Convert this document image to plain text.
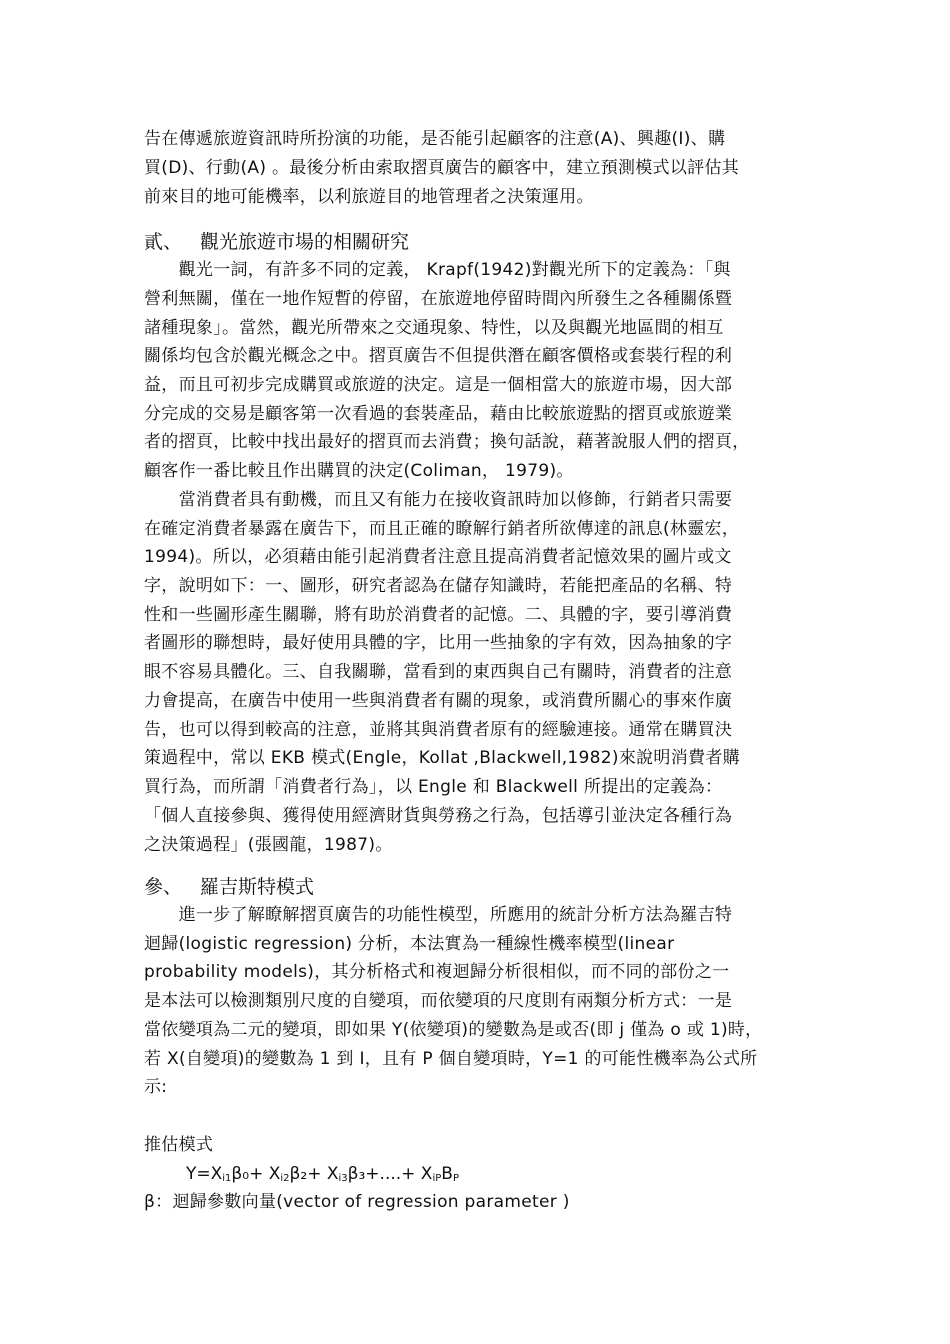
告在傳遞旅遊資訊時所扮演的功能，是否能引起顧客的注意(A)、興趣(I)、購
買(D)、行動(A) 。最後分析由索取摺頁廣告的顧客中，建立預測模式以評估其
前來目的地可能機率，以利旅遊目的地管理者之決策運用。
貳、 觀光旅遊市場的相關研究
　　觀光一詞，有許多不同的定義， Krapf(1942)對觀光所下的定義為：「與
營利無關，僅在一地作短暫的停留，在旅遊地停留時間內所發生之各種關係暨
諸種現象」。當然，觀光所帶來之交通現象、特性，以及與觀光地區間的相互
關係均包含於觀光概念之中。摺頁廣告不但提供潛在顧客價格或套裝行程的利
益，而且可初步完成購買或旅遊的決定。這是一個相當大的旅遊市場，因大部
分完成的交易是顧客第一次看過的套裝產品，藉由比較旅遊點的摺頁或旅遊業
者的摺頁，比較中找出最好的摺頁而去消費；換句話說，藉著說服人們的摺頁，
顧客作一番比較且作出購買的決定(Coliman， 1979)。
　　當消費者具有動機，而且又有能力在接收資訊時加以修飾，行銷者只需要
在確定消費者暴露在廣告下，而且正確的瞭解行銷者所欲傳達的訊息(林靈宏，
1994)。所以，必須藉由能引起消費者注意且提高消費者記憶效果的圖片或文
字，說明如下：一、圖形，研究者認為在儲存知識時，若能把產品的名稱、特
性和一些圖形產生關聯，將有助於消費者的記憶。二、具體的字，要引導消費
者圖形的聯想時，最好使用具體的字，比用一些抽象的字有效，因為抽象的字
眼不容易具體化。三、自我關聯，當看到的東西與自己有關時，消費者的注意
力會提高，在廣告中使用一些與消費者有關的現象，或消費所關心的事來作廣
告，也可以得到較高的注意，並將其與消費者原有的經驗連接。通常在購買決
策過程中，常以 EKB 模式(Engle，Kollat ,Blackwell,1982)來說明消費者購
買行為，而所謂「消費者行為」，以 Engle 和 Blackwell 所提出的定義為：
「個人直接參與、獲得使用經濟財貨與勞務之行為，包括導引並決定各種行為
之決策過程」(張國龍，1987)。
參、 羅吉斯特模式
　　進一步了解瞭解摺頁廣告的功能性模型，所應用的統計分析方法為羅吉特
迴歸(logistic regression) 分析，本法實為一種線性機率模型(linear
probability models)，其分析格式和複迴歸分析很相似，而不同的部份之一
是本法可以檢測類別尺度的自變項，而依變項的尺度則有兩類分析方式：一是
當依變項為二元的變項，即如果 Y(依變項)的變數為是或否(即 j 僅為 o 或 1)時，
若 X(自變項)的變數為 1 到 I，且有 P 個自變項時，Y=1 的可能性機率為公式所
示:
推估模式
$Y=X_{i1}\beta_0+ X_{i2}\beta_2+ X_{i3}\beta_3+....+ X_{iP}B_P$
β：迴歸參數向量(vector of regression parameter )
